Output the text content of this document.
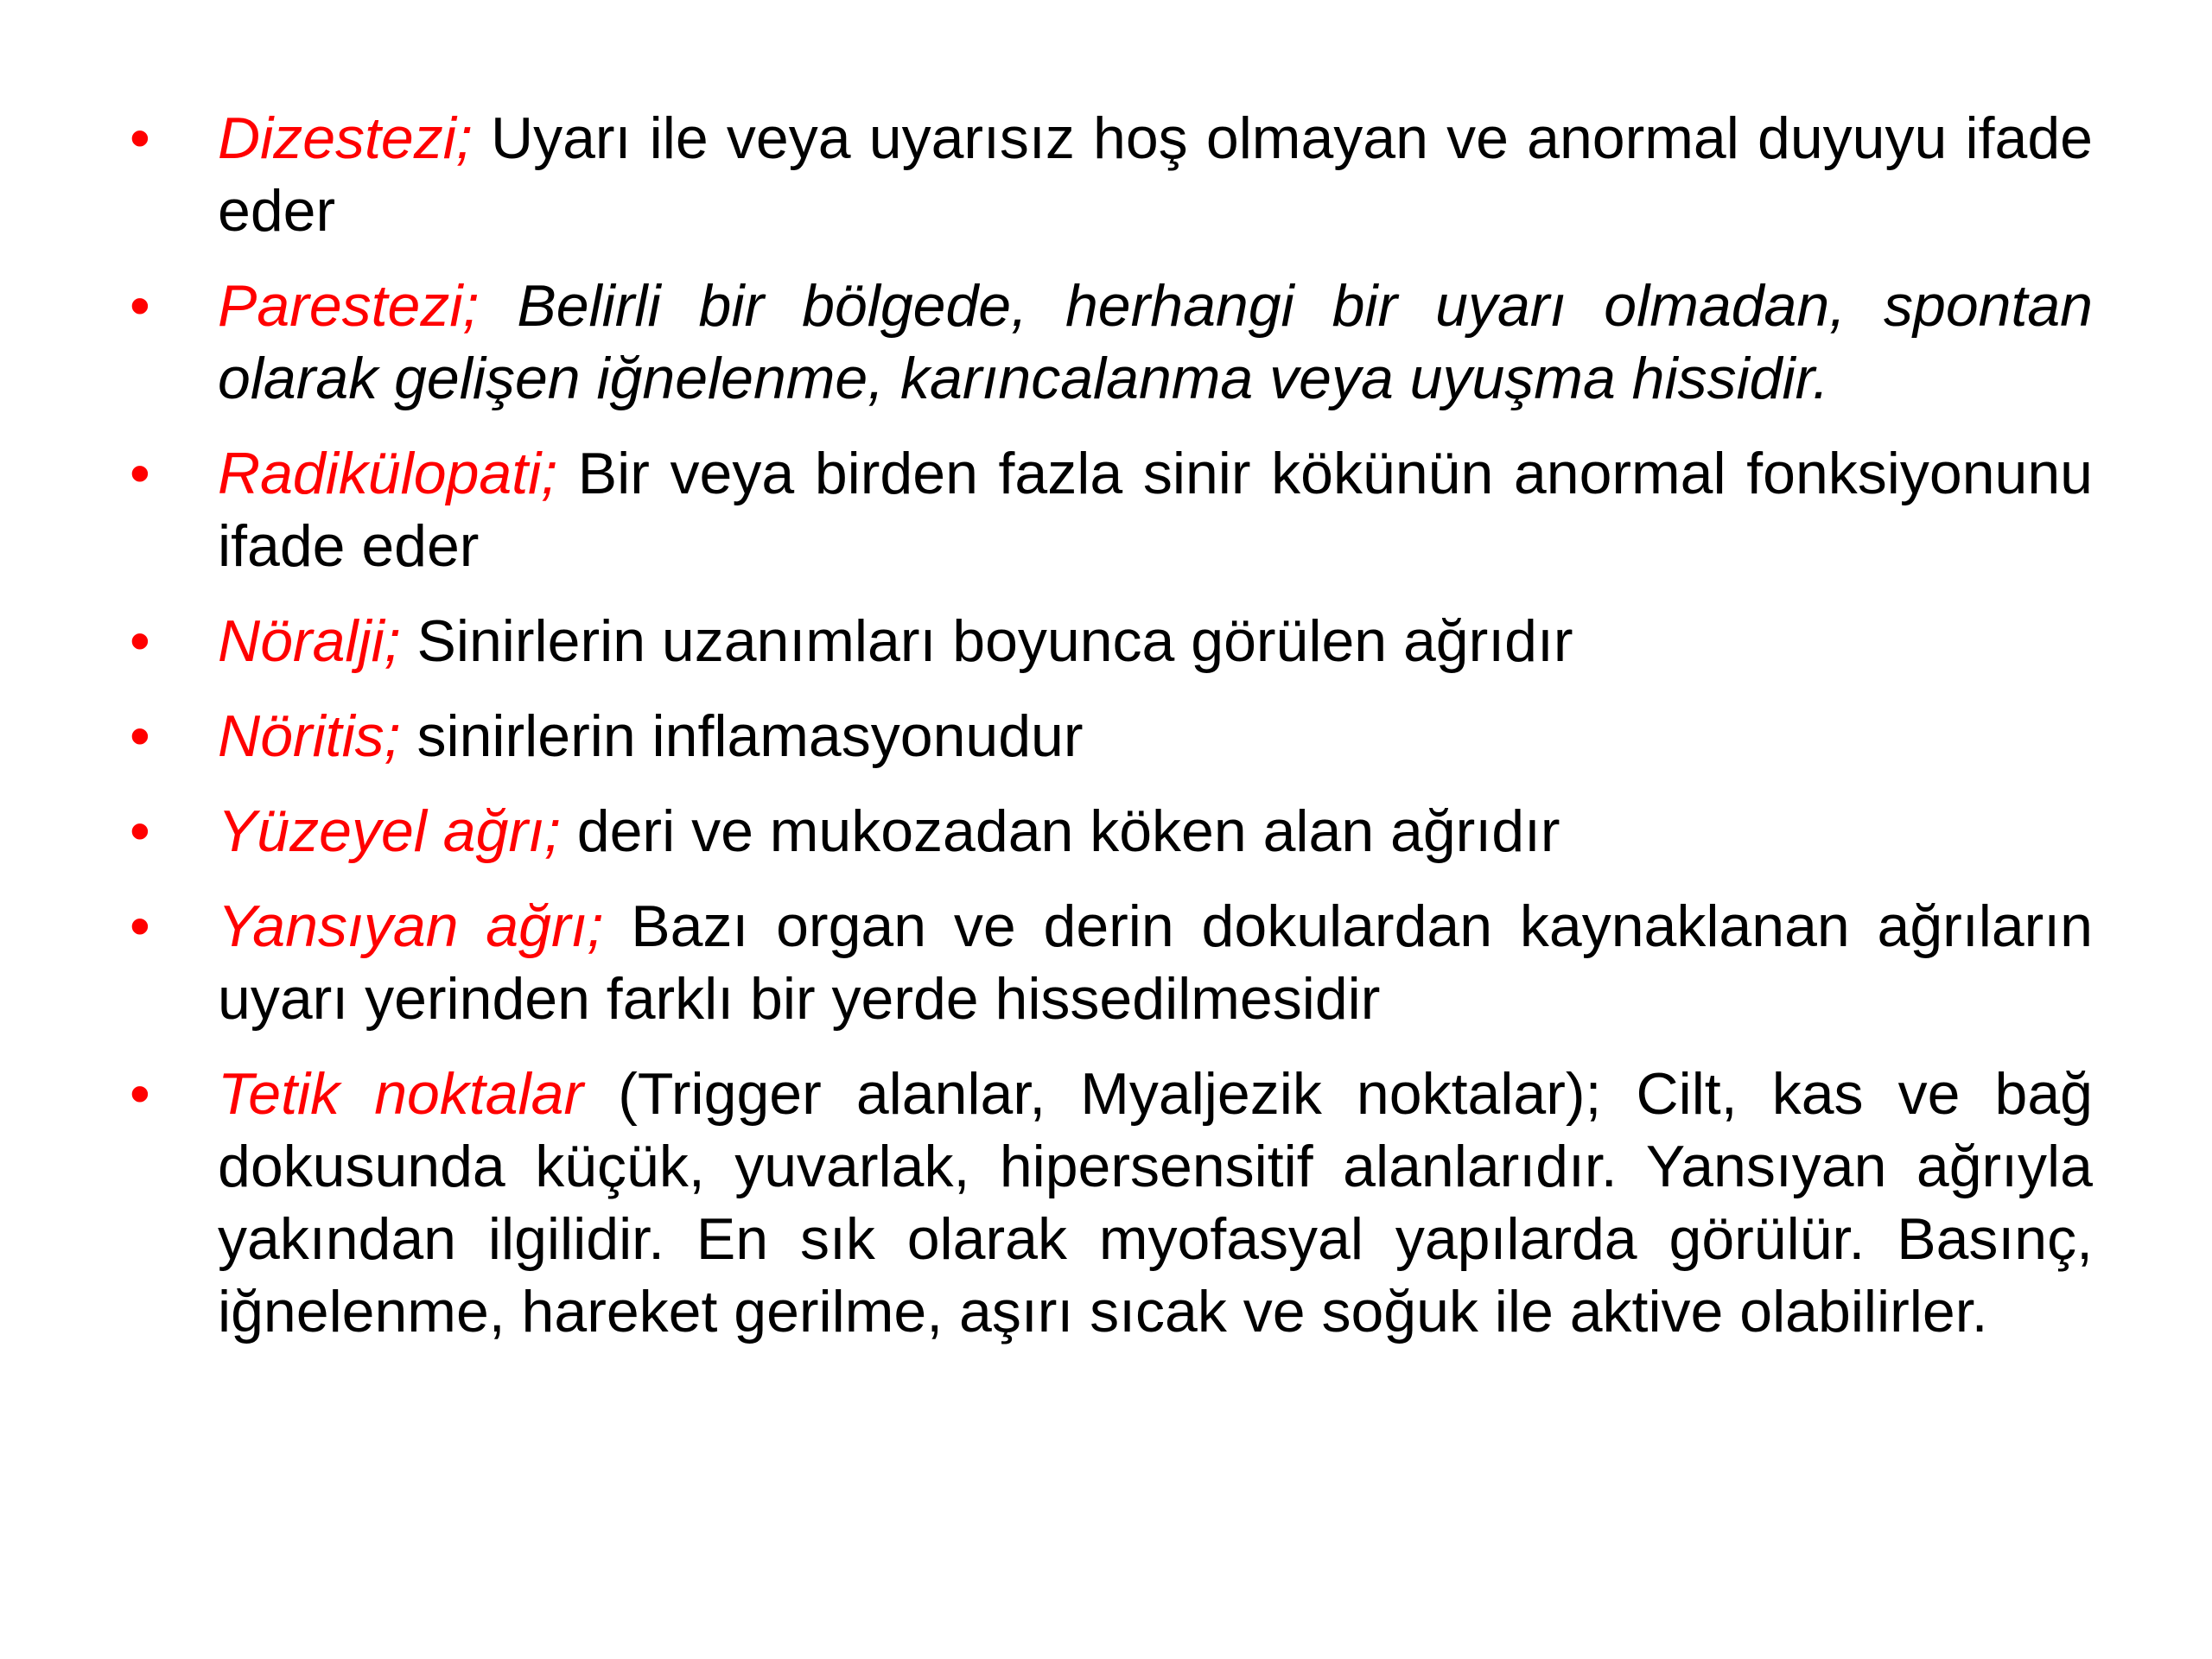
•	Dizestezi; Uyarı ile veya uyarısız hoş olmayan ve anormal duyuyu ifade eder
•	Parestezi; Belirli bir bölgede, herhangi bir uyarı olmadan, spontan olarak gelişen iğnelenme, karıncalanma veya uyuşma hissidir.
•	Radikülopati; Bir veya birden fazla sinir kökünün anormal fonksiyonunu ifade eder
•	Nöralji; Sinirlerin uzanımları boyunca görülen ağrıdır
•	Nöritis; sinirlerin inflamasyonudur
•	Yüzeyel ağrı; deri ve mukozadan köken alan ağrıdır
•	Yansıyan ağrı; Bazı organ ve derin dokulardan kaynaklanan ağrıların uyarı yerinden farklı bir yerde hissedilmesidir
•	Tetik noktalar (Trigger alanlar, Myaljezik noktalar); Cilt, kas ve bağ dokusunda küçük, yuvarlak, hipersensitif alanlarıdır. Yansıyan ağrıyla yakından ilgilidir. En sık olarak myofasyal yapılarda görülür. Basınç, iğnelenme, hareket gerilme, aşırı sıcak ve soğuk ile aktive olabilirler.
